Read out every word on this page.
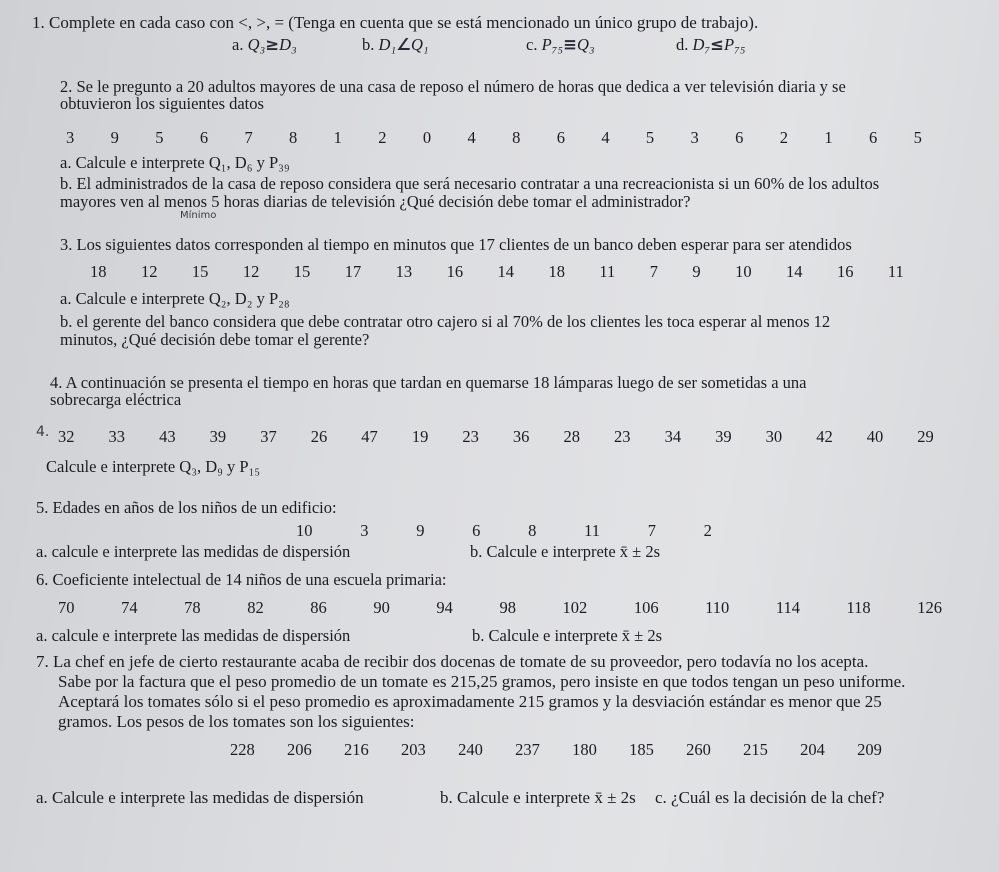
1. Complete en cada caso con <, >, = (Tenga en cuenta que se está mencionado un único grupo de trabajo).
a. Q₃≥D₃	b. D₁∠Q₁	c. P₇₅≡Q₃	d. D₇≤P₇₅
2. Se le pregunto a 20 adultos mayores de una casa de reposo el número de horas que dedica a ver televisión diaria y se
obtuvieron los siguientes datos
3 9 5 6 7 8 1 2 0 4 8 6 4 5 3 6 2 1 6 5
a. Calcule e interprete Q₁, D₆ y P₃₉
b. El administrados de la casa de reposo considera que será necesario contratar a una recreacionista si un 60% de los adultos
mayores ven al menos 5 horas diarias de televisión ¿Qué decisión debe tomar el administrador?
Mínimo
3. Los siguientes datos corresponden al tiempo en minutos que 17 clientes de un banco deben esperar para ser atendidos
18 12 15 12 15 17 13 16 14 18 11 7 9 10 14 16 11
a. Calcule e interprete Q₂, D₂ y P₂₈
b. el gerente del banco considera que debe contratar otro cajero si al 70% de los clientes les toca esperar al menos 12
minutos, ¿Qué decisión debe tomar el gerente?
4. A continuación se presenta el tiempo en horas que tardan en quemarse 18 lámparas luego de ser sometidas a una
sobrecarga eléctrica
4. 32 33 43 39 37 26 47 19 23 36 28 23 34 39 30 42 40 29
Calcule e interprete Q₃, D₉ y P₁₅
5. Edades en años de los niños de un edificio:
10	3	9	6	8	11	7	2
a. calcule e interprete las medidas de dispersión	b. Calcule e interprete x̄ ± 2s
6. Coeficiente intelectual de 14 niños de una escuela primaria:
70	74	78	82	86	90	94	98	102	106	110	114	118	126
a. calcule e interprete las medidas de dispersión	b. Calcule e interprete x̄ ± 2s
7. La chef en jefe de cierto restaurante acaba de recibir dos docenas de tomate de su proveedor, pero todavía no los acepta.
Sabe por la factura que el peso promedio de un tomate es 215,25 gramos, pero insiste en que todos tengan un peso uniforme.
Aceptará los tomates sólo si el peso promedio es aproximadamente 215 gramos y la desviación estándar es menor que 25
gramos. Los pesos de los tomates son los siguientes:
228 206 216 203 240 237 180 185 260 215 204 209
a. Calcule e interprete las medidas de dispersión	b. Calcule e interprete x̄ ± 2s c. ¿Cuál es la decisión de la chef?
